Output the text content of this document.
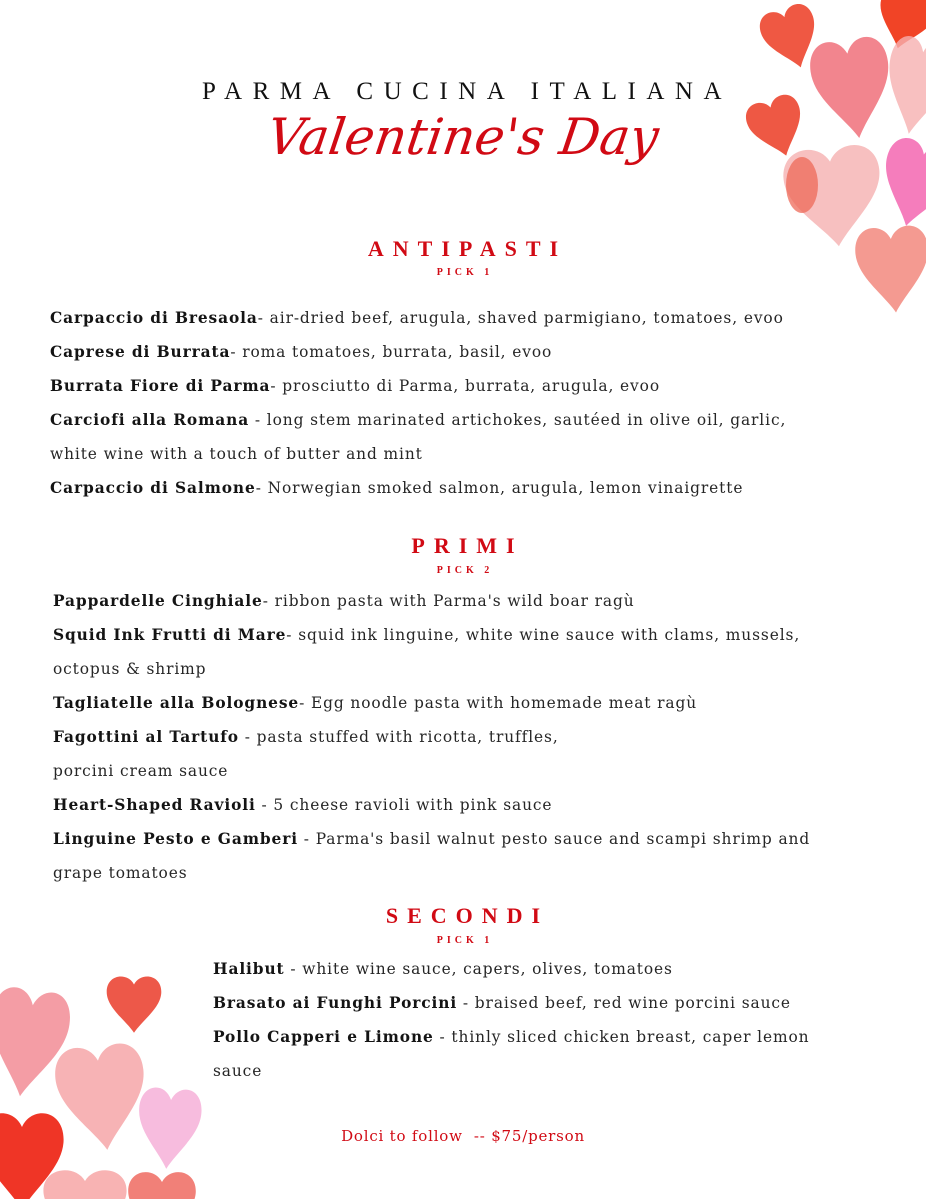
PARMA CUCINA ITALIANA
Valentine's Day
ANTIPASTI
PICK 1
Carpaccio di Bresaola- air-dried beef, arugula, shaved parmigiano, tomatoes, evoo
Caprese di Burrata- roma tomatoes, burrata, basil, evoo
Burrata Fiore di Parma- prosciutto di Parma, burrata, arugula, evoo
Carciofi alla Romana - long stem marinated artichokes, sautéed in olive oil, garlic,
white wine with a touch of butter and mint
Carpaccio di Salmone- Norwegian smoked salmon, arugula, lemon vinaigrette
PRIMI
PICK 2
Pappardelle Cinghiale- ribbon pasta with Parma's wild boar ragù
Squid Ink Frutti di Mare- squid ink linguine, white wine sauce with clams, mussels,
octopus & shrimp
Tagliatelle alla Bolognese- Egg noodle pasta with homemade meat ragù
Fagottini al Tartufo - pasta stuffed with ricotta, truffles,
porcini cream sauce
Heart-Shaped Ravioli - 5 cheese ravioli with pink sauce
Linguine Pesto e Gamberi - Parma's basil walnut pesto sauce and scampi shrimp and
grape tomatoes
SECONDI
PICK 1
Halibut - white wine sauce, capers, olives, tomatoes
Brasato ai Funghi Porcini - braised beef, red wine porcini sauce
Pollo Capperi e Limone - thinly sliced chicken breast, caper lemon
sauce
Dolci to follow  -- $75/person
